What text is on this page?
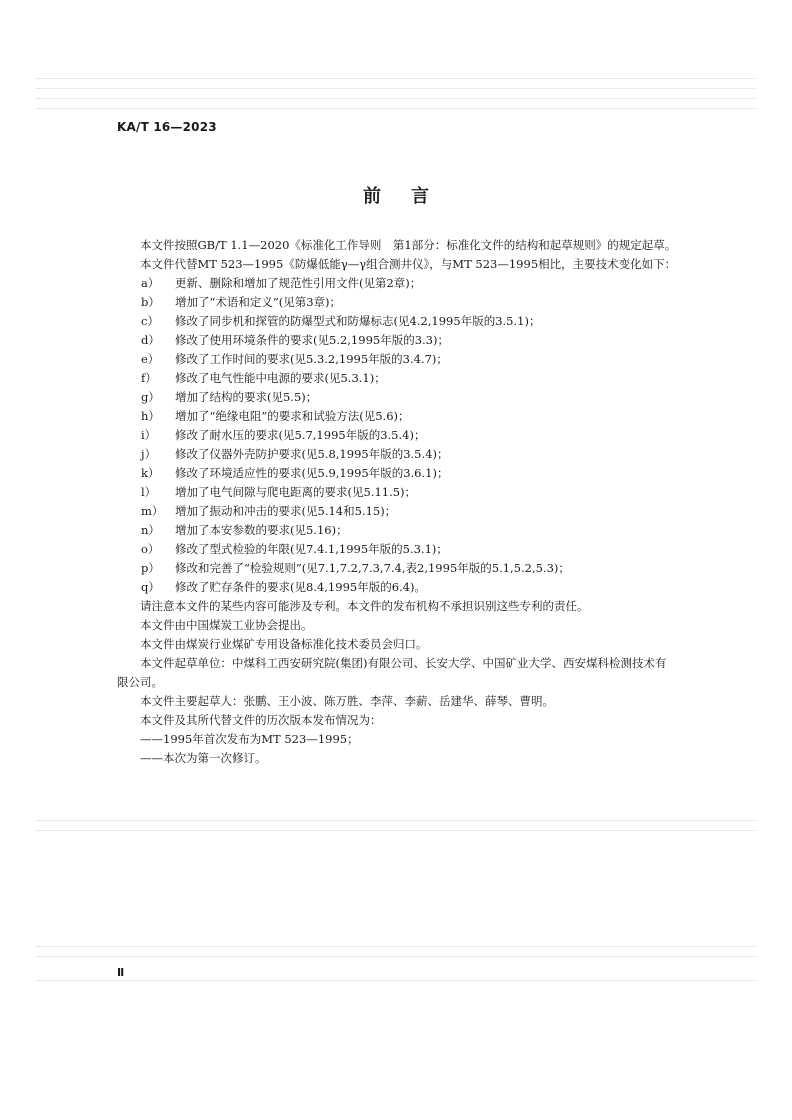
KA/T 16—2023
前言

本文件按照GB/T 1.1—2020《标准化工作导则　第1部分：标准化文件的结构和起草规则》的规定起草。

本文件代替MT 523—1995《防爆低能γ—γ组合测井仪》，与MT 523—1995相比，主要技术变化如下：

a）	更新、删除和增加了规范性引用文件(见第2章)；

b）	增加了“术语和定义”(见第3章)；

c）	修改了同步机和探管的防爆型式和防爆标志(见4.2,1995年版的3.5.1)；

d）	修改了使用环境条件的要求(见5.2,1995年版的3.3)；

e）	修改了工作时间的要求(见5.3.2,1995年版的3.4.7)；

f）	修改了电气性能中电源的要求(见5.3.1)；

g）	增加了结构的要求(见5.5)；

h）	增加了“绝缘电阻”的要求和试验方法(见5.6)；

i）	修改了耐水压的要求(见5.7,1995年版的3.5.4)；

j）	修改了仪器外壳防护要求(见5.8,1995年版的3.5.4)；

k）	修改了环境适应性的要求(见5.9,1995年版的3.6.1)；

l）	增加了电气间隙与爬电距离的要求(见5.11.5)；

m）	增加了振动和冲击的要求(见5.14和5.15)；

n）	增加了本安参数的要求(见5.16)；

o）	修改了型式检验的年限(见7.4.1,1995年版的5.3.1)；

p）	修改和完善了“检验规则”(见7.1,7.2,7.3,7.4,表2,1995年版的5.1,5.2,5.3)；

q）	修改了贮存条件的要求(见8.4,1995年版的6.4)。

请注意本文件的某些内容可能涉及专利。本文件的发布机构不承担识别这些专利的责任。

本文件由中国煤炭工业协会提出。

本文件由煤炭行业煤矿专用设备标准化技术委员会归口。

本文件起草单位：中煤科工西安研究院(集团)有限公司、长安大学、中国矿业大学、西安煤科检测技术有限公司。

本文件主要起草人：张鹏、王小波、陈万胜、李萍、李薪、岳建华、薛琴、曹明。

本文件及其所代替文件的历次版本发布情况为：

——1995年首次发布为MT 523—1995；

——本次为第一次修订。

Ⅱ
